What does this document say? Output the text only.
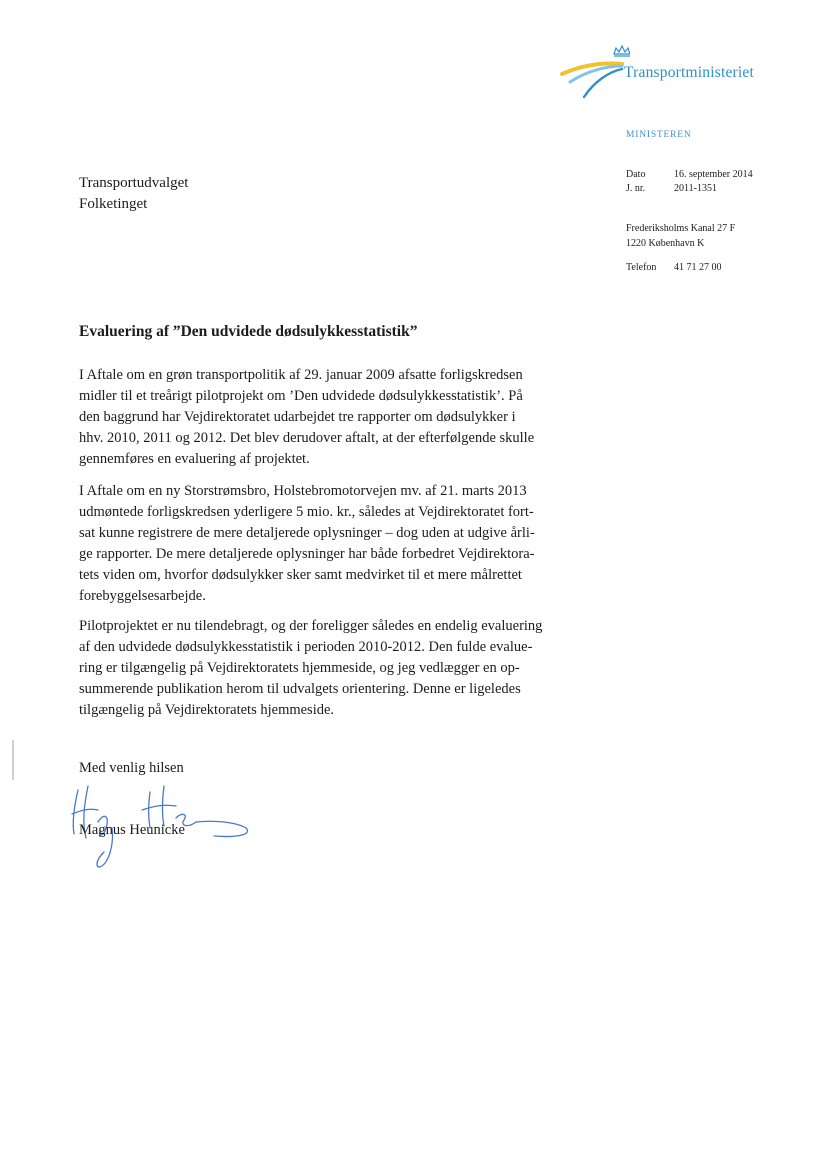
Transportministeriet
MINISTEREN
Dato	16. september 2014
J. nr.	2011-1351
Frederiksholms Kanal 27 F
1220 København K
Telefon 41 71 27 00
Transportudvalget
Folketinget
Evaluering af ”Den udvidede dødsulykkesstatistik”

I Aftale om en grøn transportpolitik af 29. januar 2009 afsatte forligskredsen
midler til et treårigt pilotprojekt om ’Den udvidede dødsulykkesstatistik’. På
den baggrund har Vejdirektoratet udarbejdet tre rapporter om dødsulykker i
hhv. 2010, 2011 og 2012. Det blev derudover aftalt, at der efterfølgende skulle
gennemføres en evaluering af projektet.

I Aftale om en ny Storstrømsbro, Holstebromotorvejen mv. af 21. marts 2013
udmøntede forligskredsen yderligere 5 mio. kr., således at Vejdirektoratet fort-
sat kunne registrere de mere detaljerede oplysninger – dog uden at udgive årli-
ge rapporter. De mere detaljerede oplysninger har både forbedret Vejdirektora-
tets viden om, hvorfor dødsulykker sker samt medvirket til et mere målrettet
forebyggelsesarbejde.

Pilotprojektet er nu tilendebragt, og der foreligger således en endelig evaluering
af den udvidede dødsulykkesstatistik i perioden 2010-2012. Den fulde evalue-
ring er tilgængelig på Vejdirektoratets hjemmeside, og jeg vedlægger en op-
summerende publikation herom til udvalgets orientering. Denne er ligeledes
tilgængelig på Vejdirektoratets hjemmeside.

Med venlig hilsen
Magnus Heunicke
